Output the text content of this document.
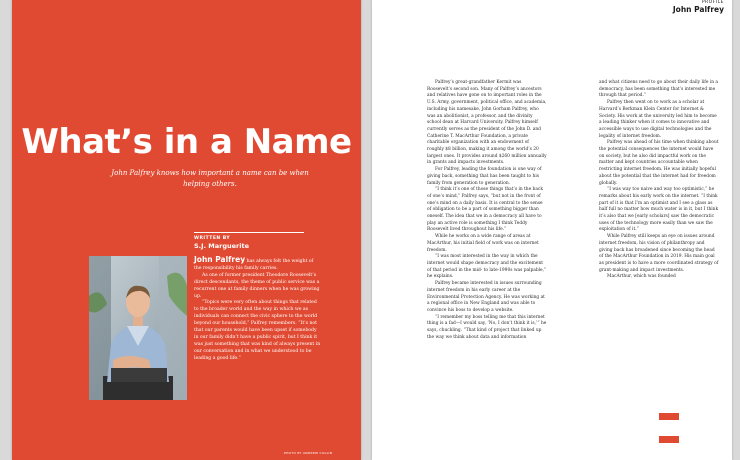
What’s in a Name
John Palfrey knows how important a name can be when helping others.
WRITTEN BY
S.J. Marguerite

John Palfrey has always felt the weight of the responsibility his family carries.

As one of former president Theodore Roosevelt’s direct descendants, the theme of public service was a recurrent one at family dinners when he was growing up.

“Topics were very often about things that related to the broader world and the way in which we as individuals can connect the civic sphere to the world beyond our household,” Palfrey remembers. “It’s not that our parents would have been upset if somebody in our family didn’t have a public spirit, but I think it was just something that was kind of always present in our conversation and in what we understood to be leading a good life.”

PHOTO BY ANDREW COLLIN
PROFILE
John Palfrey

Palfrey’s great-grandfather Kermit was Roosevelt’s second son. Many of Palfrey’s ancestors and relatives have gone on to important roles in the U.S. Army, government, political office, and academia, including his namesake, John Gorham Palfrey, who was an abolitionist, a professor, and the divinity school dean at Harvard University. Palfrey himself currently serves as the president of the John D. and Catherine T. MacArthur Foundation, a private charitable organization with an endowment of roughly $8 billion, making it among the world’s 20 largest ones. It provides around $260 million annually in grants and impacts investments.

For Palfrey, leading the foundation is one way of giving back, something that has been taught to his family from generation to generation.

“I think it’s one of those things that’s in the back of one’s mind,” Palfrey says, “but not in the front of one’s mind on a daily basis. It is central to the sense of obligation to be a part of something bigger than oneself. The idea that we in a democracy all have to play an active role is something I think Teddy Roosevelt lived throughout his life.”

While he works on a wide range of areas at MacArthur, his initial field of work was on internet freedom.

“I was most interested in the way in which the internet would shape democracy and the excitement of that period in the mid- to late-1990s was palpable,” he explains.

Palfrey became interested in issues surrounding internet freedom in his early career at the Environmental Protection Agency. He was working at a regional office in New England and was able to convince his boss to develop a website.

“I remember my boss telling me that this internet thing is a fad—I would say, ‘No, I don’t think it is,’” he says, chuckling. “That kind of project that linked up the way we think about data and information

and what citizens need to go about their daily life in a democracy, has been something that’s interested me through that period.”

Palfrey then went on to work as a scholar at Harvard’s Berkman Klein Center for Internet & Society. His work at the university led him to become a leading thinker when it comes to innovative and accessible ways to use digital technologies and the legality of internet freedom.

Palfrey was ahead of his time when thinking about the potential consequences the internet would have on society, but he also did impactful work on the matter and kept countries accountable when restricting internet freedom. He was initially hopeful about the potential that the internet had for freedom globally.

“I was way too naive and way too optimistic,” he remarks about his early work on the internet. “I think part of it is that I’m an optimist and I see a glass as half full no matter how much water is in it, but I think it’s also that we [early scholars] saw the democratic uses of the technology more easily than we saw the exploitation of it.”

While Palfrey still keeps an eye on issues around internet freedom, his vision of philanthropy and giving back has broadened since becoming the head of the MacArthur Foundation in 2019. His main goal as president is to have a more coordinated strategy of grant-making and impact investments.

MacArthur, which was founded
